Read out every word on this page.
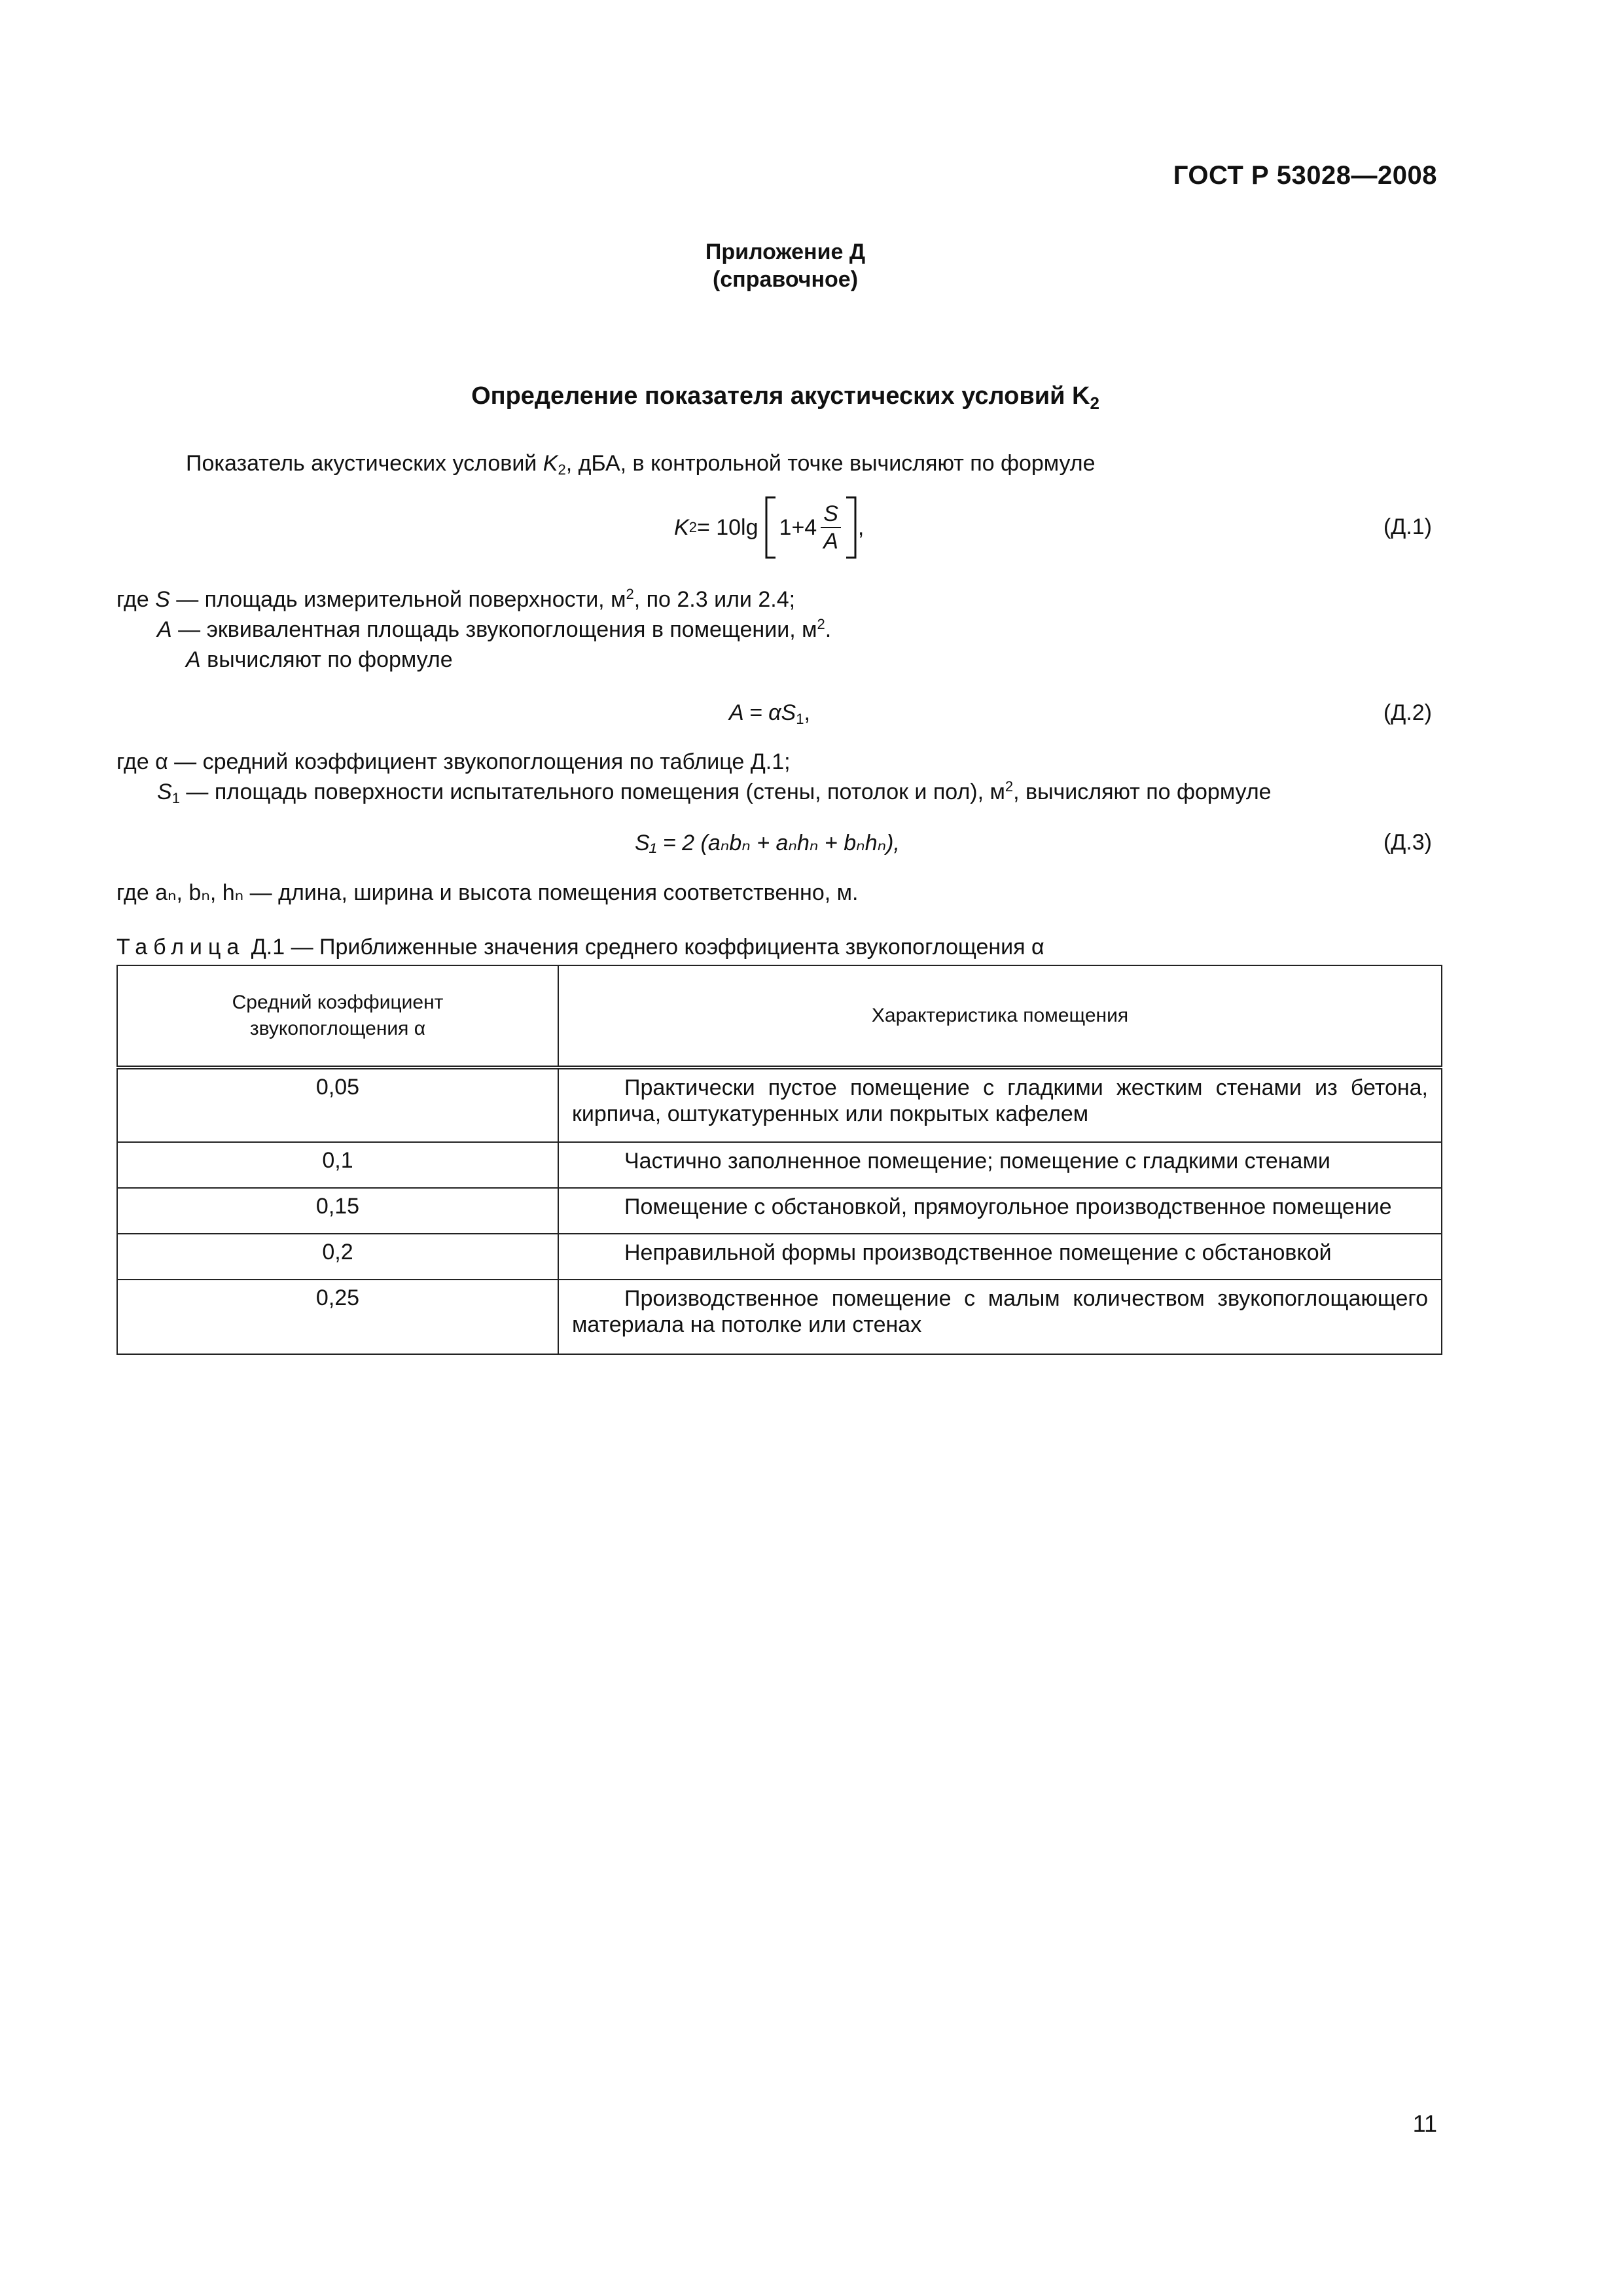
ГОСТ Р 53028—2008
Приложение Д
(справочное)
Определение показателя акустических условий $K_2$
Показатель акустических условий $K_2$, дБА, в контрольной точке вычисляют по формуле
K 2 = 10lg $1+4 \frac{S}{A}$ ,	(Д.1)
где S — площадь измерительной поверхности, $м^2$, по 2.3 или 2.4;
A — эквивалентная площадь звукопоглощения в помещении, $м^2$.
A вычисляют по формуле
$A = \alpha S_1$,	(Д.2)
где α — средний коэффициент звукопоглощения по таблице Д.1;
$S_1$ — площадь поверхности испытательного помещения (стены, потолок и пол), $м^2$, вычисляют по формуле
S₁ = 2 (aₙbₙ + aₙhₙ + bₙhₙ),	(Д.3)
где aₙ, bₙ, hₙ — длина, ширина и высота помещения соответственно, м.
Таблица Д.1 — Приближенные значения среднего коэффициента звукопоглощения α
Средний коэффициент звукопоглощения α	Характеристика помещения
0,05	Практически пустое помещение с гладкими жестким стенами из бетона, кирпича, оштукатуренных или покрытых кафелем
0,1	Частично заполненное помещение; помещение с гладкими стенами
0,15	Помещение с обстановкой, прямоугольное производственное помещение
0,2	Неправильной формы производственное помещение с обстановкой
0,25	Производственное помещение с малым количеством звукопоглощающего материала на потолке или стенах
11
